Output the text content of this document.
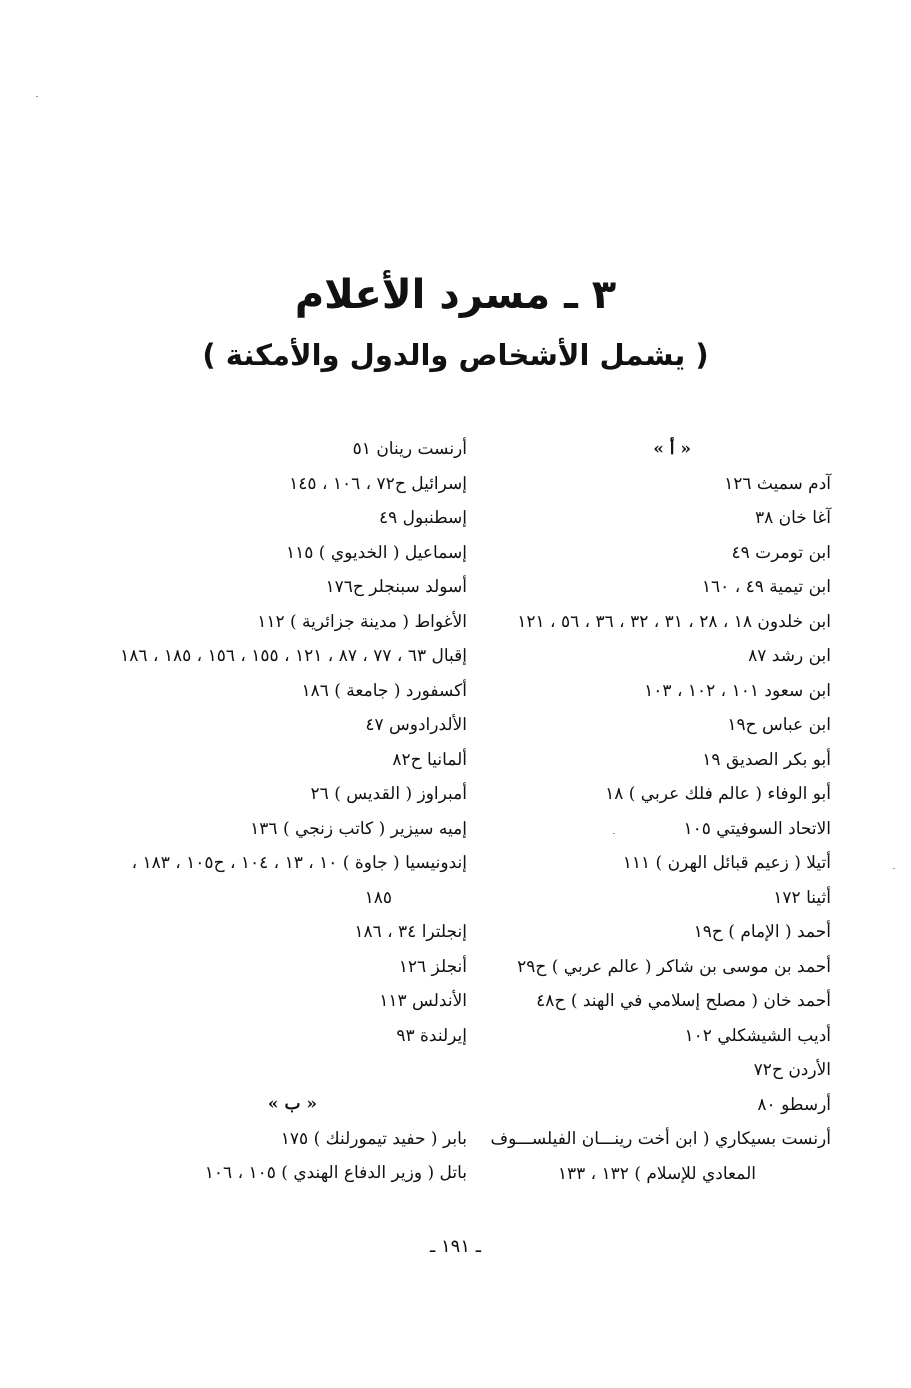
٣ ـ مسرد الأعلام
( يشمل الأشخاص والدول والأمكنة )
« أ »
آدم سميث ١٢٦
آغا خان ٣٨
ابن تومرت ٤٩
ابن تيمية ٤٩ ، ١٦٠
ابن خلدون ١٨ ، ٢٨ ، ٣١ ، ٣٢ ، ٣٦ ، ٥٦ ، ١٢١
ابن رشد ٨٧
ابن سعود ١٠١ ، ١٠٢ ، ١٠٣
ابن عباس ح١٩
أبو بكر الصديق ١٩
أبو الوفاء ( عالم فلك عربي ) ١٨
الاتحاد السوفيتي ١٠٥
أتيلا ( زعيم قبائل الهرن ) ١١١
أثينا ١٧٢
أحمد ( الإمام ) ح١٩
أحمد بن موسى بن شاكر ( عالم عربي ) ح٢٩
أحمد خان ( مصلح إسلامي في الهند ) ح٤٨
أديب الشيشكلي ١٠٢
الأردن ح٧٢
أرسطو ٨٠
أرنست بسيكاري ( ابن أخت رينـــان الفيلســـوف
المعادي للإسلام ) ١٣٢ ، ١٣٣
أرنست رينان ٥١
إسرائيل ح٧٢ ، ١٠٦ ، ١٤٥
إسطنبول ٤٩
إسماعيل ( الخديوي ) ١١٥
أسولد سبنجلر ح١٧٦
الأغواط ( مدينة جزائرية ) ١١٢
إقبال ٦٣ ، ٧٧ ، ٨٧ ، ١٢١ ، ١٥٥ ، ١٥٦ ، ١٨٥ ، ١٨٦
أكسفورد ( جامعة ) ١٨٦
الألدرادوس ٤٧
ألمانيا ح٨٢
أمبراوز ( القديس ) ٢٦
إميه سيزير ( كاتب زنجي ) ١٣٦
إندونيسيا ( جاوة ) ١٠ ، ١٣ ، ١٠٤ ، ح١٠٥ ، ١٨٣ ،
١٨٥
إنجلترا ٣٤ ، ١٨٦
أنجلز ١٢٦
الأندلس ١١٣
إيرلندة ٩٣
« ب »
بابر ( حفيد تيمورلنك ) ١٧٥
باتل ( وزير الدفاع الهندي ) ١٠٥ ، ١٠٦
ـ ١٩١ ـ
